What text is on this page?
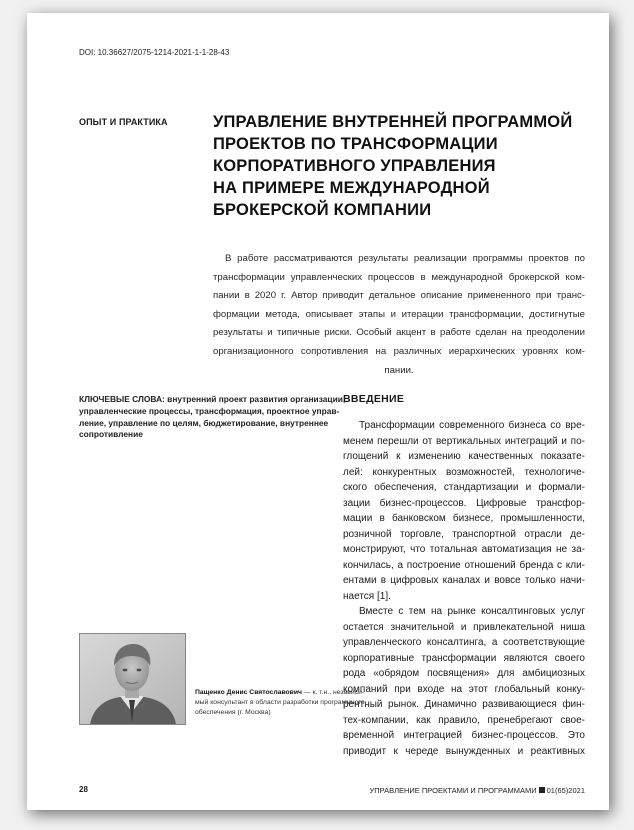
DOI: 10.36627/2075-1214-2021-1-1-28-43
ОПЫТ И ПРАКТИКА	УПРАВЛЕНИЕ ВНУТРЕННЕЙ ПРОГРАММОЙ
ПРОЕКТОВ ПО ТРАНСФОРМАЦИИ
КОРПОРАТИВНОГО УПРАВЛЕНИЯ
НА ПРИМЕРЕ МЕЖДУНАРОДНОЙ
БРОКЕРСКОЙ КОМПАНИИ
В работе рассматриваются результаты реализации программы проектов по
трансформации управленческих процессов в международной брокерской ком-
пании в 2020 г. Автор приводит детальное описание примененного при транс-
формации метода, описывает этапы и итерации трансформации, достигнутые
результаты и типичные риски. Особый акцент в работе сделан на преодолении
организационного сопротивления на различных иерархических уровнях ком-
пании.
КЛЮЧЕВЫЕ СЛОВА: внутренний проект развития организации,
управленческие процессы, трансформация, проектное управ-
ление, управление по целям, бюджетирование, внутреннее
сопротивление
Пащенко Денис Святославович — к. т.н., независи-
мый консультант в области разработки программного
обеспечения (г. Москва)
ВВЕДЕНИЕ
Трансформации современного бизнеса со вре-
менем перешли от вертикальных интеграций и по-
глощений к изменению качественных показате-
лей: конкурентных возможностей, технологиче-
ского обеспечения, стандартизации и формали-
зации бизнес-процессов. Цифровые трансфор-
мации в банковском бизнесе, промышленности,
розничной торговле, транспортной отрасли де-
монстрируют, что тотальная автоматизация не за-
кончилась, а построение отношений бренда с кли-
ентами в цифровых каналах и вовсе только начи-
нается [1].
Вместе с тем на рынке консалтинговых услуг
остается значительной и привлекательной ниша
управленческого консалтинга, а соответствующие
корпоративные трансформации являются своего
рода «обрядом посвящения» для амбициозных
компаний при входе на этот глобальный конку-
рентный рынок. Динамично развивающиеся фин-
тех-компании, как правило, пренебрегают свое-
временной интеграцией бизнес-процессов. Это
приводит к череде вынужденных и реактивных
28	УПРАВЛЕНИЕ ПРОЕКТАМИ И ПРОГРАММАМИ 01(65)2021
